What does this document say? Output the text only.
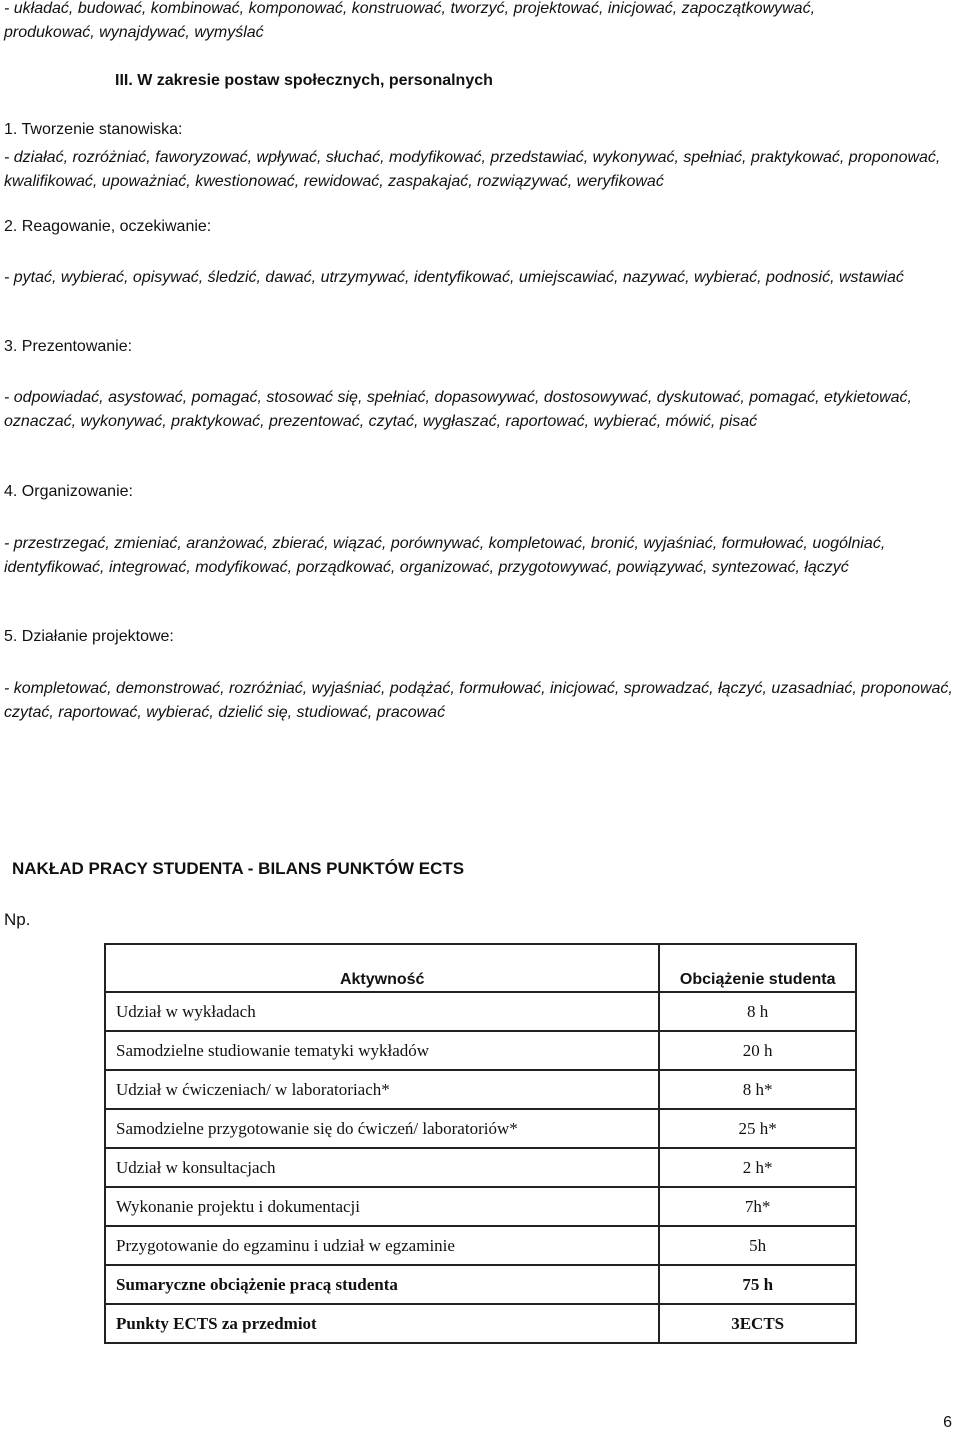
- układać, budować, kombinować, komponować, konstruować, tworzyć, projektować, inicjować, zapoczątkowywać,
produkować, wynajdywać, wymyślać
III. W zakresie postaw społecznych, personalnych
1. Tworzenie stanowiska:
- działać, rozróżniać, faworyzować, wpływać, słuchać, modyfikować, przedstawiać, wykonywać, spełniać, praktykować, proponować, kwalifikować, upoważniać, kwestionować, rewidować, zaspakajać, rozwiązywać, weryfikować
2. Reagowanie, oczekiwanie:
- pytać, wybierać, opisywać, śledzić, dawać, utrzymywać, identyfikować, umiejscawiać, nazywać, wybierać, podnosić, wstawiać
3. Prezentowanie:
- odpowiadać, asystować, pomagać, stosować się, spełniać, dopasowywać, dostosowywać, dyskutować, pomagać, etykietować, oznaczać, wykonywać, praktykować, prezentować, czytać, wygłaszać, raportować, wybierać, mówić, pisać
4. Organizowanie:
- przestrzegać, zmieniać, aranżować, zbierać, wiązać, porównywać, kompletować, bronić, wyjaśniać, formułować, uogólniać, identyfikować, integrować, modyfikować, porządkować, organizować, przygotowywać, powiązywać, syntezować, łączyć
5. Działanie projektowe:
- kompletować, demonstrować, rozróżniać, wyjaśniać, podążać, formułować, inicjować, sprowadzać, łączyć, uzasadniać, proponować, czytać, raportować, wybierać, dzielić się, studiować, pracować
NAKŁAD PRACY STUDENTA - BILANS PUNKTÓW ECTS
Np.
Aktywność	Obciążenie studenta
Udział w wykładach	8 h
Samodzielne studiowanie tematyki wykładów	20 h
Udział w ćwiczeniach/ w laboratoriach*	8 h*
Samodzielne przygotowanie się do ćwiczeń/ laboratoriów*	25 h*
Udział w konsultacjach	2 h*
Wykonanie projektu i dokumentacji	7h*
Przygotowanie do egzaminu i udział w egzaminie	5h
Sumaryczne obciążenie pracą studenta	75 h
Punkty ECTS za przedmiot	3ECTS
6
